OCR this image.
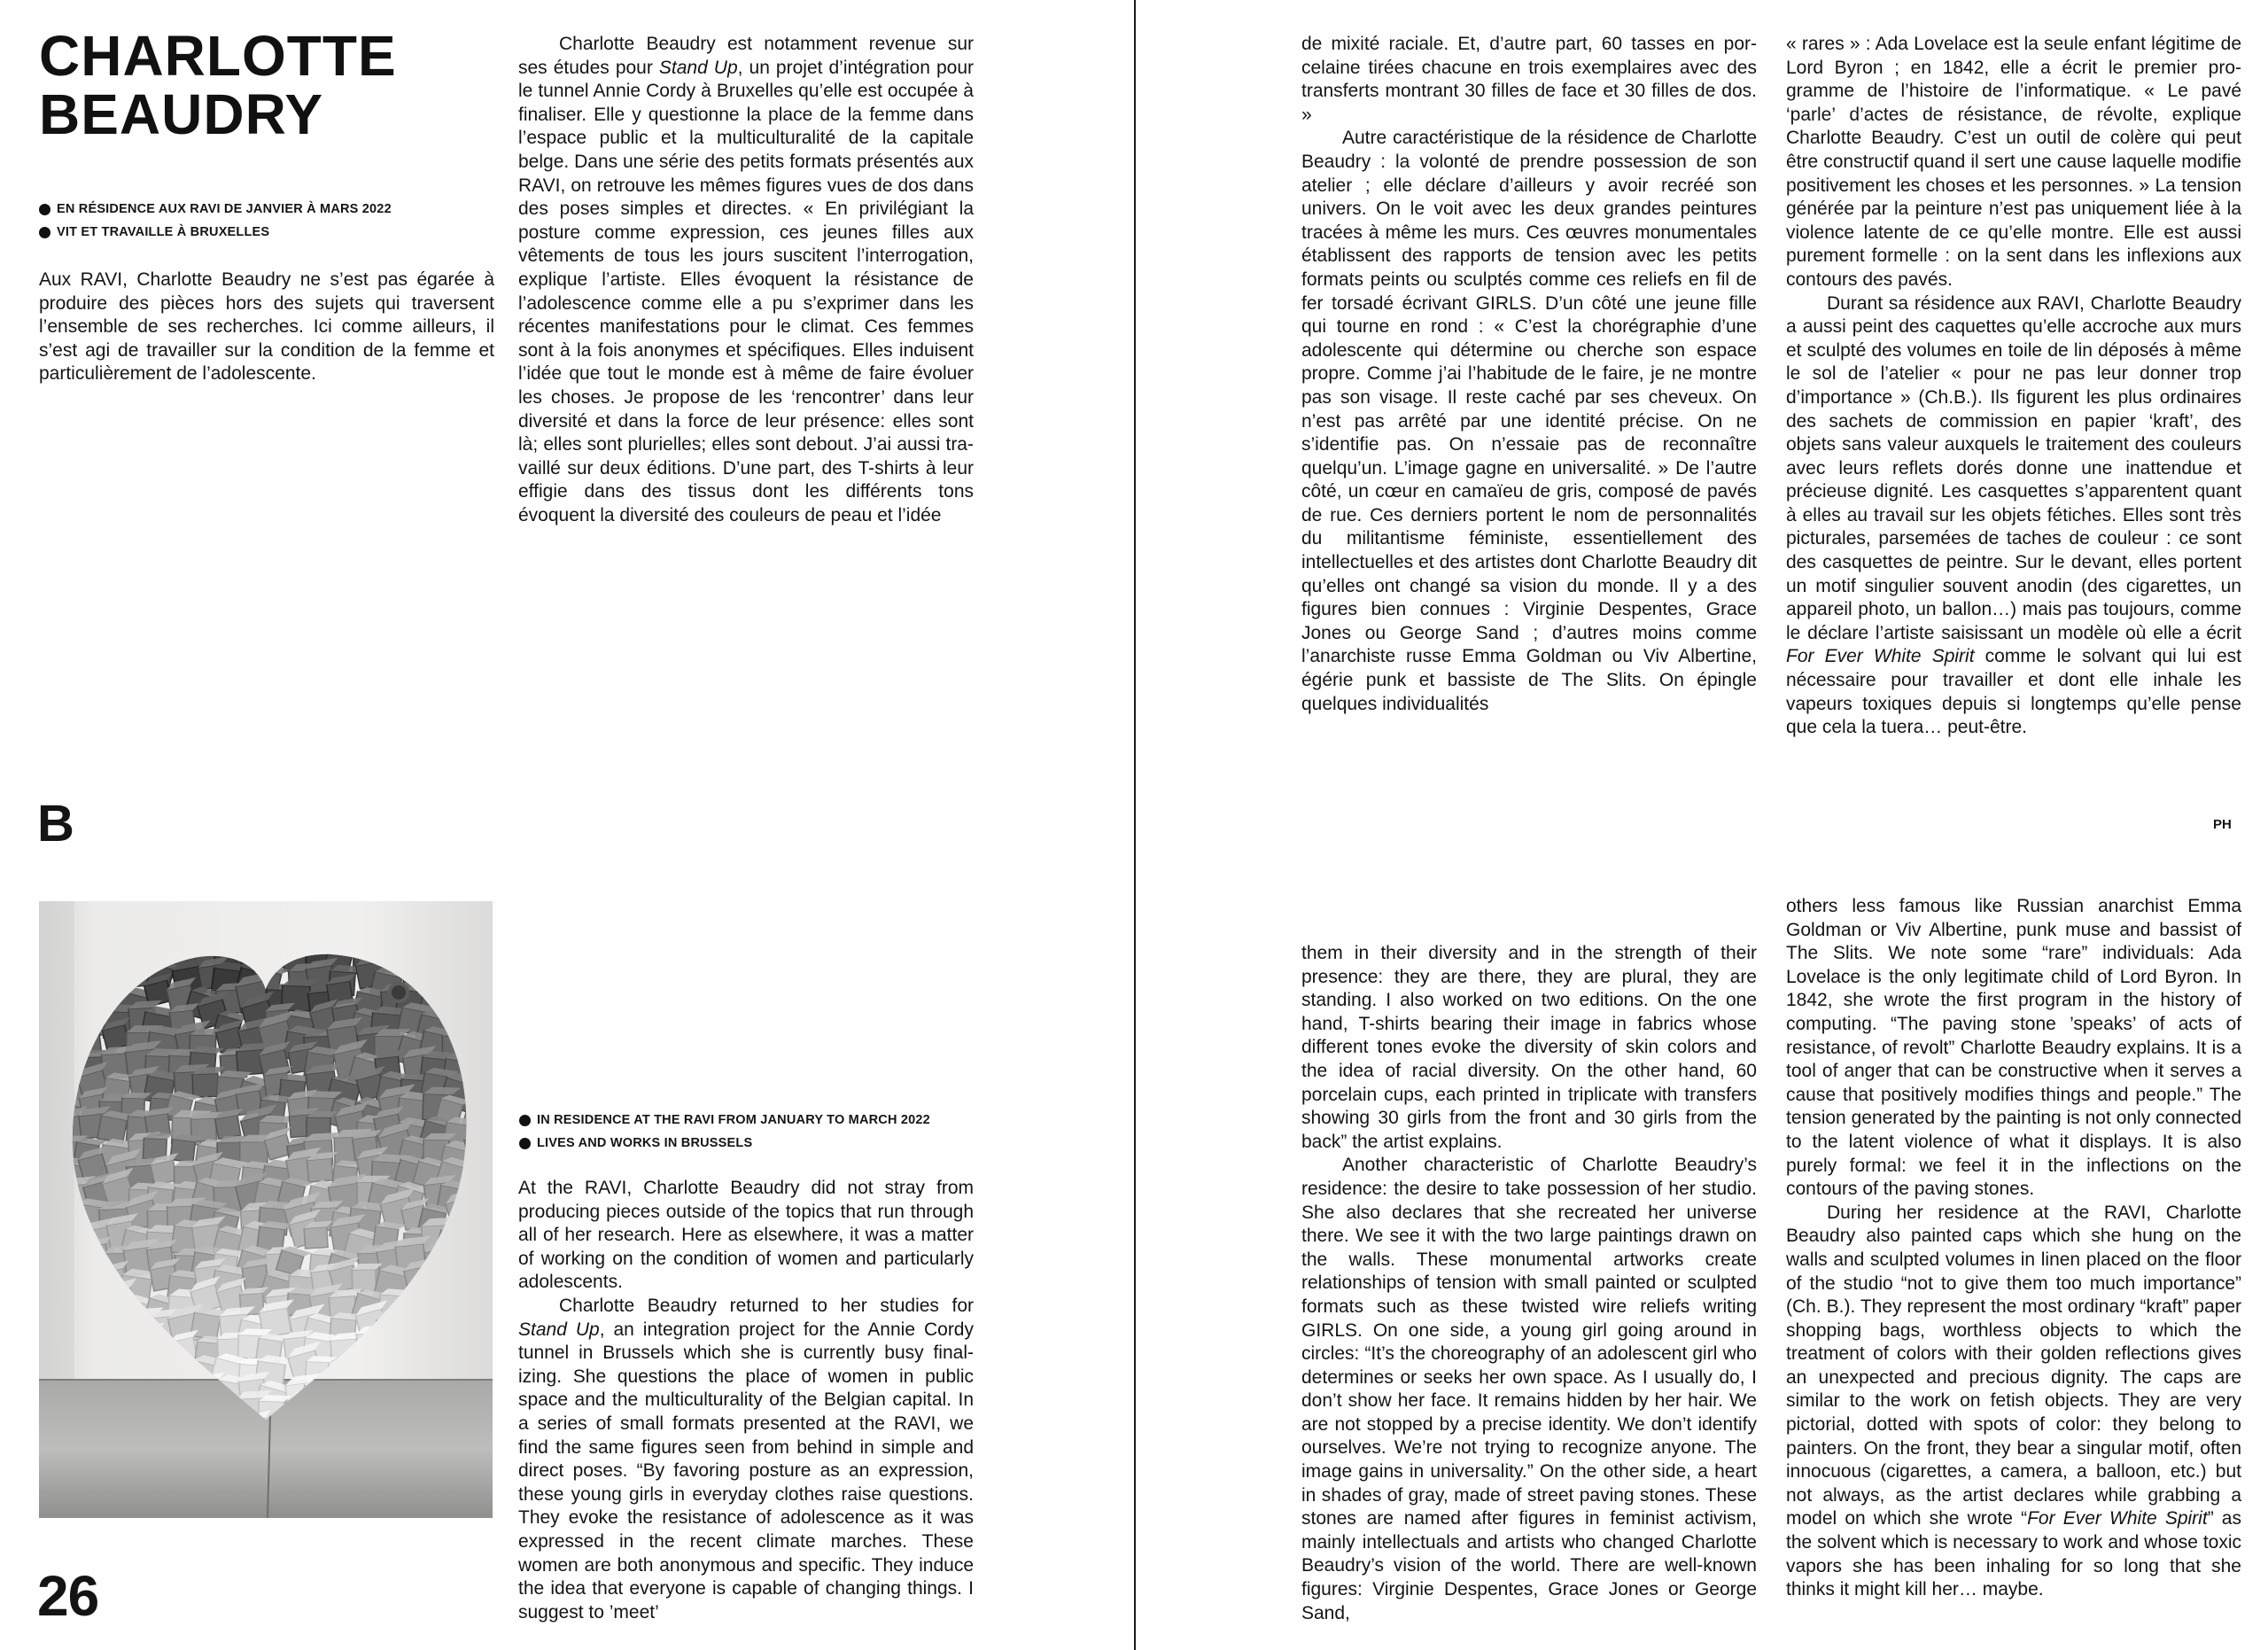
CHARLOTTE
BEAUDRY
EN RÉSIDENCE AUX RAVI DE JANVIER À MARS 2022
VIT ET TRAVAILLE À BRUXELLES

Aux RAVI, Charlotte Beaudry ne s’est pas égarée à produire des pièces hors des sujets qui traversent l’ensemble de ses recherches. Ici comme ailleurs, il s’est agi de travailler sur la condition de la femme et particulièrement de l’adolescente.

Charlotte Beaudry est notamment revenue sur ses études pour Stand Up, un projet d’intégration pour le tunnel Annie Cordy à Bruxelles qu’elle est occupée à finaliser. Elle y questionne la place de la femme dans l’espace public et la multiculturalité de la capitale belge. Dans une série des petits formats présentés aux RAVI, on retrouve les mêmes figures vues de dos dans des poses simples et directes. « En privilégiant la posture comme expression, ces jeunes filles aux vêtements de tous les jours suscitent l’interrogation, explique l’artiste. Elles évoquent la résistance de l’adolescence comme elle a pu s’exprimer dans les récentes manifestations pour le climat. Ces femmes sont à la fois anonymes et spécifiques. Elles induisent l’idée que tout le monde est à même de faire évoluer les choses. Je propose de les ‘rencontrer’ dans leur diversité et dans la force de leur présence: elles sont là; elles sont plurielles; elles sont debout. J’ai aussi travaillé sur deux éditions. D’une part, des T-shirts à leur effigie dans des tissus dont les différents tons évoquent la diversité des couleurs de peau et l’idée

de mixité raciale. Et, d’autre part, 60 tasses en porcelaine tirées chacune en trois exemplaires avec des transferts montrant 30 filles de face et 30 filles de dos. »

Autre caractéristique de la résidence de Charlotte Beaudry : la volonté de prendre possession de son atelier ; elle déclare d’ailleurs y avoir recréé son univers. On le voit avec les deux grandes peintures tracées à même les murs. Ces œuvres monumentales établissent des rapports de tension avec les petits formats peints ou sculptés comme ces reliefs en fil de fer torsadé écrivant GIRLS. D’un côté une jeune fille qui tourne en rond : « C’est la chorégraphie d’une adolescente qui détermine ou cherche son espace propre. Comme j’ai l’habitude de le faire, je ne montre pas son visage. Il reste caché par ses cheveux. On n’est pas arrêté par une identité précise. On ne s’identifie pas. On n’essaie pas de reconnaître quelqu’un. L’image gagne en universalité. » De l’autre côté, un cœur en camaïeu de gris, composé de pavés de rue. Ces derniers portent le nom de personnalités du militantisme féministe, essentiellement des intellectuelles et des artistes dont Charlotte Beaudry dit qu’elles ont changé sa vision du monde. Il y a des figures bien connues : Virginie Despentes, Grace Jones ou George Sand ; d’autres moins comme l’anarchiste russe Emma Goldman ou Viv Albertine, égérie punk et bassiste de The Slits. On épingle quelques individualités

« rares » : Ada Lovelace est la seule enfant légitime de Lord Byron ; en 1842, elle a écrit le premier programme de l’histoire de l’informatique. « Le pavé ‘parle’ d’actes de résistance, de révolte, explique Charlotte Beaudry. C’est un outil de colère qui peut être constructif quand il sert une cause laquelle modifie positivement les choses et les personnes. » La tension générée par la peinture n’est pas uniquement liée à la violence latente de ce qu’elle montre. Elle est aussi purement formelle : on la sent dans les inflexions aux contours des pavés.

Durant sa résidence aux RAVI, Charlotte Beaudry a aussi peint des caquettes qu’elle accroche aux murs et sculpté des volumes en toile de lin déposés à même le sol de l’atelier « pour ne pas leur donner trop d’importance » (Ch.B.). Ils figurent les plus ordinaires des sachets de commission en papier ‘kraft’, des objets sans valeur auxquels le traitement des couleurs avec leurs reflets dorés donne une inattendue et précieuse dignité. Les casquettes s’apparentent quant à elles au travail sur les objets fétiches. Elles sont très picturales, parsemées de taches de couleur : ce sont des casquettes de peintre. Sur le devant, elles portent un motif singulier souvent anodin (des cigarettes, un appareil photo, un ballon…) mais pas toujours, comme le déclare l’artiste saisissant un modèle où elle a écrit For Ever White Spirit comme le solvant qui lui est nécessaire pour travailler et dont elle inhale les vapeurs toxiques depuis si longtemps qu’elle pense que cela la tuera… peut-être.

B	PH
26
IN RESIDENCE AT THE RAVI FROM JANUARY TO MARCH 2022
LIVES AND WORKS IN BRUSSELS

At the RAVI, Charlotte Beaudry did not stray from producing pieces outside of the topics that run through all of her research. Here as elsewhere, it was a matter of working on the condition of women and particularly adolescents.

Charlotte Beaudry returned to her studies for Stand Up, an integration project for the Annie Cordy tunnel in Brussels which she is currently busy finalizing. She questions the place of women in public space and the multiculturality of the Belgian capital. In a series of small formats presented at the RAVI, we find the same figures seen from behind in simple and direct poses. “By favoring posture as an expression, these young girls in everyday clothes raise questions. They evoke the resistance of adolescence as it was expressed in the recent climate marches. These women are both anonymous and specific. They induce the idea that everyone is capable of changing things. I suggest to ’meet’

them in their diversity and in the strength of their presence: they are there, they are plural, they are standing. I also worked on two editions. On the one hand, T-shirts bearing their image in fabrics whose different tones evoke the diversity of skin colors and the idea of racial diversity. On the other hand, 60 porcelain cups, each printed in triplicate with transfers showing 30 girls from the front and 30 girls from the back” the artist explains.

Another characteristic of Charlotte Beaudry’s residence: the desire to take possession of her studio. She also declares that she recreated her universe there. We see it with the two large paintings drawn on the walls. These monumental artworks create relationships of tension with small painted or sculpted formats such as these twisted wire reliefs writing GIRLS. On one side, a young girl going around in circles: “It’s the choreography of an adolescent girl who determines or seeks her own space. As I usually do, I don’t show her face. It remains hidden by her hair. We are not stopped by a precise identity. We don’t identify ourselves. We’re not trying to recognize anyone. The image gains in universality.” On the other side, a heart in shades of gray, made of street paving stones. These stones are named after figures in feminist activism, mainly intellectuals and artists who changed Charlotte Beaudry’s vision of the world. There are well-known figures: Virginie Despentes, Grace Jones or George Sand,

others less famous like Russian anarchist Emma Goldman or Viv Albertine, punk muse and bassist of The Slits. We note some “rare” individuals: Ada Lovelace is the only legitimate child of Lord Byron. In 1842, she wrote the first program in the history of computing. “The paving stone ’speaks’ of acts of resistance, of revolt” Charlotte Beaudry explains. It is a tool of anger that can be constructive when it serves a cause that positively modifies things and people.” The tension generated by the painting is not only connected to the latent violence of what it displays. It is also purely formal: we feel it in the inflections on the contours of the paving stones.

During her residence at the RAVI, Charlotte Beaudry also painted caps which she hung on the walls and sculpted volumes in linen placed on the floor of the studio “not to give them too much importance” (Ch. B.). They represent the most ordinary “kraft” paper shopping bags, worthless objects to which the treatment of colors with their golden reflections gives an unexpected and precious dignity. The caps are similar to the work on fetish objects. They are very pictorial, dotted with spots of color: they belong to painters. On the front, they bear a singular motif, often innocuous (cigarettes, a camera, a balloon, etc.) but not always, as the artist declares while grabbing a model on which she wrote “For Ever White Spirit” as the solvent which is necessary to work and whose toxic vapors she has been inhaling for so long that she thinks it might kill her… maybe.
